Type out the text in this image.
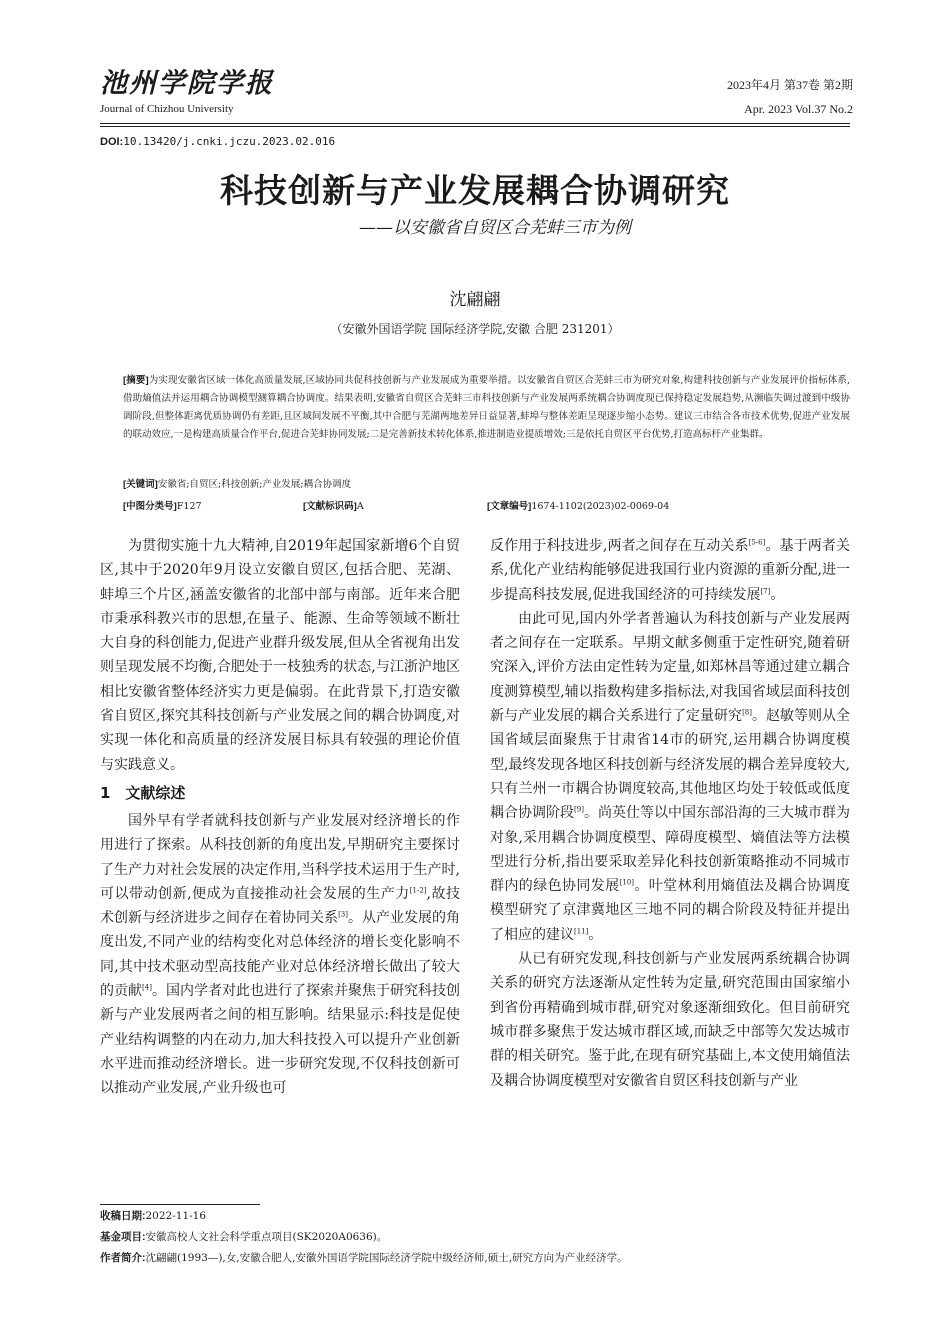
池州学院学报
Journal of Chizhou University
2023年4月 第37卷 第2期
Apr. 2023 Vol.37 No.2
DOI:10.13420/j.cnki.jczu.2023.02.016
科技创新与产业发展耦合协调研究
——以安徽省自贸区合芜蚌三市为例
沈翩翩
（安徽外国语学院 国际经济学院,安徽 合肥 231201）
[摘要]为实现安徽省区域一体化高质量发展,区域协同共促科技创新与产业发展成为重要举措。以安徽省自贸区合芜蚌三市为研究对象,构建科技创新与产业发展评价指标体系,借助熵值法并运用耦合协调模型测算耦合协调度。结果表明,安徽省自贸区合芜蚌三市科技创新与产业发展两系统耦合协调度现已保持稳定发展趋势,从濒临失调过渡到中级协调阶段,但整体距离优质协调仍有差距,且区域间发展不平衡,其中合肥与芜湖两地差异日益显著,蚌埠与整体差距呈现逐步缩小态势。建议三市结合各市技术优势,促进产业发展的联动效应,一是构建高质量合作平台,促进合芜蚌协同发展;二是完善新技术转化体系,推进制造业提质增效;三是依托自贸区平台优势,打造高标杆产业集群。
[关键词]安徽省;自贸区;科技创新;产业发展;耦合协调度
[中图分类号]F127	[文献标识码]A	[文章编号]1674-1102(2023)02-0069-04

为贯彻实施十九大精神,自2019年起国家新增6个自贸区,其中于2020年9月设立安徽自贸区,包括合肥、芜湖、蚌埠三个片区,涵盖安徽省的北部中部与南部。近年来合肥市秉承科教兴市的思想,在量子、能源、生命等领域不断壮大自身的科创能力,促进产业群升级发展,但从全省视角出发则呈现发展不均衡,合肥处于一枝独秀的状态,与江浙沪地区相比安徽省整体经济实力更是偏弱。在此背景下,打造安徽省自贸区,探究其科技创新与产业发展之间的耦合协调度,对实现一体化和高质量的经济发展目标具有较强的理论价值与实践意义。

1　文献综述

国外早有学者就科技创新与产业发展对经济增长的作用进行了探索。从科技创新的角度出发,早期研究主要探讨了生产力对社会发展的决定作用,当科学技术运用于生产时,可以带动创新,便成为直接推动社会发展的生产力[1-2],故技术创新与经济进步之间存在着协同关系[3]。从产业发展的角度出发,不同产业的结构变化对总体经济的增长变化影响不同,其中技术驱动型高技能产业对总体经济增长做出了较大的贡献[4]。国内学者对此也进行了探索并聚焦于研究科技创新与产业发展两者之间的相互影响。结果显示:科技是促使产业结构调整的内在动力,加大科技投入可以提升产业创新水平进而推动经济增长。进一步研究发现,不仅科技创新可以推动产业发展,产业升级也可

反作用于科技进步,两者之间存在互动关系[5-6]。基于两者关系,优化产业结构能够促进我国行业内资源的重新分配,进一步提高科技发展,促进我国经济的可持续发展[7]。

由此可见,国内外学者普遍认为科技创新与产业发展两者之间存在一定联系。早期文献多侧重于定性研究,随着研究深入,评价方法由定性转为定量,如郑林昌等通过建立耦合度测算模型,辅以指数构建多指标法,对我国省域层面科技创新与产业发展的耦合关系进行了定量研究[8]。赵敏等则从全国省域层面聚焦于甘肃省14市的研究,运用耦合协调度模型,最终发现各地区科技创新与经济发展的耦合差异度较大,只有兰州一市耦合协调度较高,其他地区均处于较低或低度耦合协调阶段[9]。尚英仕等以中国东部沿海的三大城市群为对象,采用耦合协调度模型、障碍度模型、熵值法等方法模型进行分析,指出要采取差异化科技创新策略推动不同城市群内的绿色协同发展[10]。叶堂林利用熵值法及耦合协调度模型研究了京津冀地区三地不同的耦合阶段及特征并提出了相应的建议[11]。

从已有研究发现,科技创新与产业发展两系统耦合协调关系的研究方法逐渐从定性转为定量,研究范围由国家缩小到省份再精确到城市群,研究对象逐渐细致化。但目前研究城市群多聚焦于发达城市群区域,而缺乏中部等欠发达城市群的相关研究。鉴于此,在现有研究基础上,本文使用熵值法及耦合协调度模型对安徽省自贸区科技创新与产业

收稿日期:2022-11-16
基金项目:安徽高校人文社会科学重点项目(SK2020A0636)。
作者简介:沈翩翩(1993—),女,安徽合肥人,安徽外国语学院国际经济学院中级经济师,硕士,研究方向为产业经济学。
